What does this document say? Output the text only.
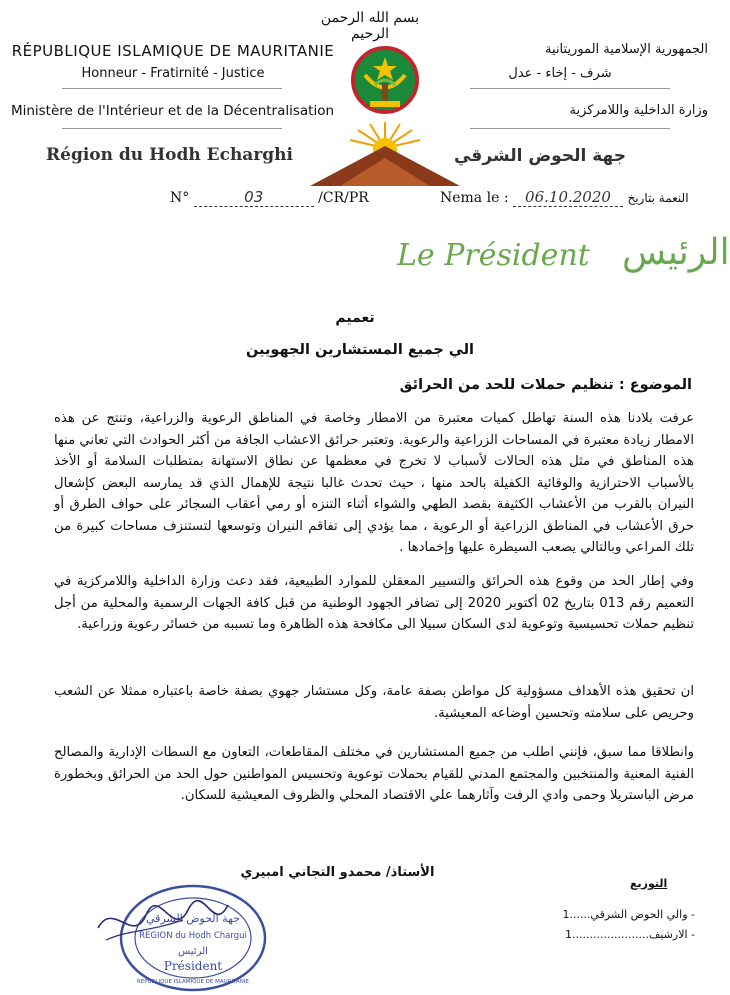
بسم الله الرحمن الرحيم
RÉPUBLIQUE ISLAMIQUE DE MAURITANIE
Honneur - Fratirnité - Justice
Ministère de l'Intérieur et de la Décentralisation
Région du Hodh Echarghi
الجمهورية الإسلامية الموريتانية
شرف - إخاء - عدل
وزارة الداخلية واللامركزية
جهة الحوض الشرقي
N°	03	/CR/PR	Nema le : 06.10.2020 النعمة بتاريخ
Le Président الرئيس
تعميم
الي جميع المستشارين الجهويين
الموضوع : تنظيم حملات للحد من الحرائق
عرفت بلادنا هذه السنة تهاطل كميات معتبرة من الامطار وخاصة في المناطق الرعوية والزراعية، وتنتج عن هذه الامطار زيادة معتبرة في المساحات الزراعية والرعوية. وتعتبر حرائق الاعشاب الجافة من أكثر الحوادث التي تعاني منها هذه المناطق في مثل هذه الحالات لأسباب لا تخرج في معظمها عن نطاق الاستهانة بمتطلبات السلامة أو الأخذ بالأسباب الاحترازية والوقائية الكفيلة بالحد منها ، حيث تحدث غالبا نتيجة للإهمال الذي قد يمارسه البعض كإشعال النيران بالقرب من الأعشاب الكثيفة بقصد الطهي والشواء أثناء التنزه أو رمي أعقاب السجائر على حواف الطرق أو حرق الأعشاب في المناطق الزراعية أو الرعوية ، مما يؤدي إلى تفاقم النيران وتوسعها لتستنزف مساحات كبيرة من تلك المراعي وبالتالي يصعب السيطرة عليها وإخمادها .
وفي إطار الحد من وقوع هذه الحرائق والتسيير المعقلن للموارد الطبيعية، فقد دعت وزارة الداخلية واللامركزية في التعميم رقم 013 بتاريخ 02 أكتوبر 2020 إلى تضافر الجهود الوطنية من قبل كافة الجهات الرسمية والمحلية من أجل تنظيم حملات تحسيسية وتوعوية لدى السكان سبيلا الى مكافحة هذه الظاهرة وما تسببه من خسائر رعوية وزراعية.
ان تحقيق هذه الأهداف مسؤولية كل مواطن بصفة عامة، وكل مستشار جهوي بصفة خاصة باعتباره ممثلا عن الشعب وحريص على سلامته وتحسين أوضاعه المعيشية.
وانطلاقا مما سبق، فإنني اطلب من جميع المستشارين في مختلف المقاطعات، التعاون مع السطات الإدارية والمصالح الفنية المعنية والمنتخبين والمجتمع المدني للقيام بحملات توعوية وتحسيس المواطنين حول الحد من الحرائق وبخطورة مرض الباستريلا وحمى وادي الرفت وآثارهما علي الاقتصاد المحلي والظروف المعيشية للسكان.
الأستاذ/ محمدو التجاني امبيري
جهة الحوض الشرقي
REGION du Hodh Chargui
الرئيس
Président
REPUBLIQUE ISLAMIQUE DE MAURITANIE
التوزيع
- والي الحوض الشرقي......1
- الارشيف......................1
